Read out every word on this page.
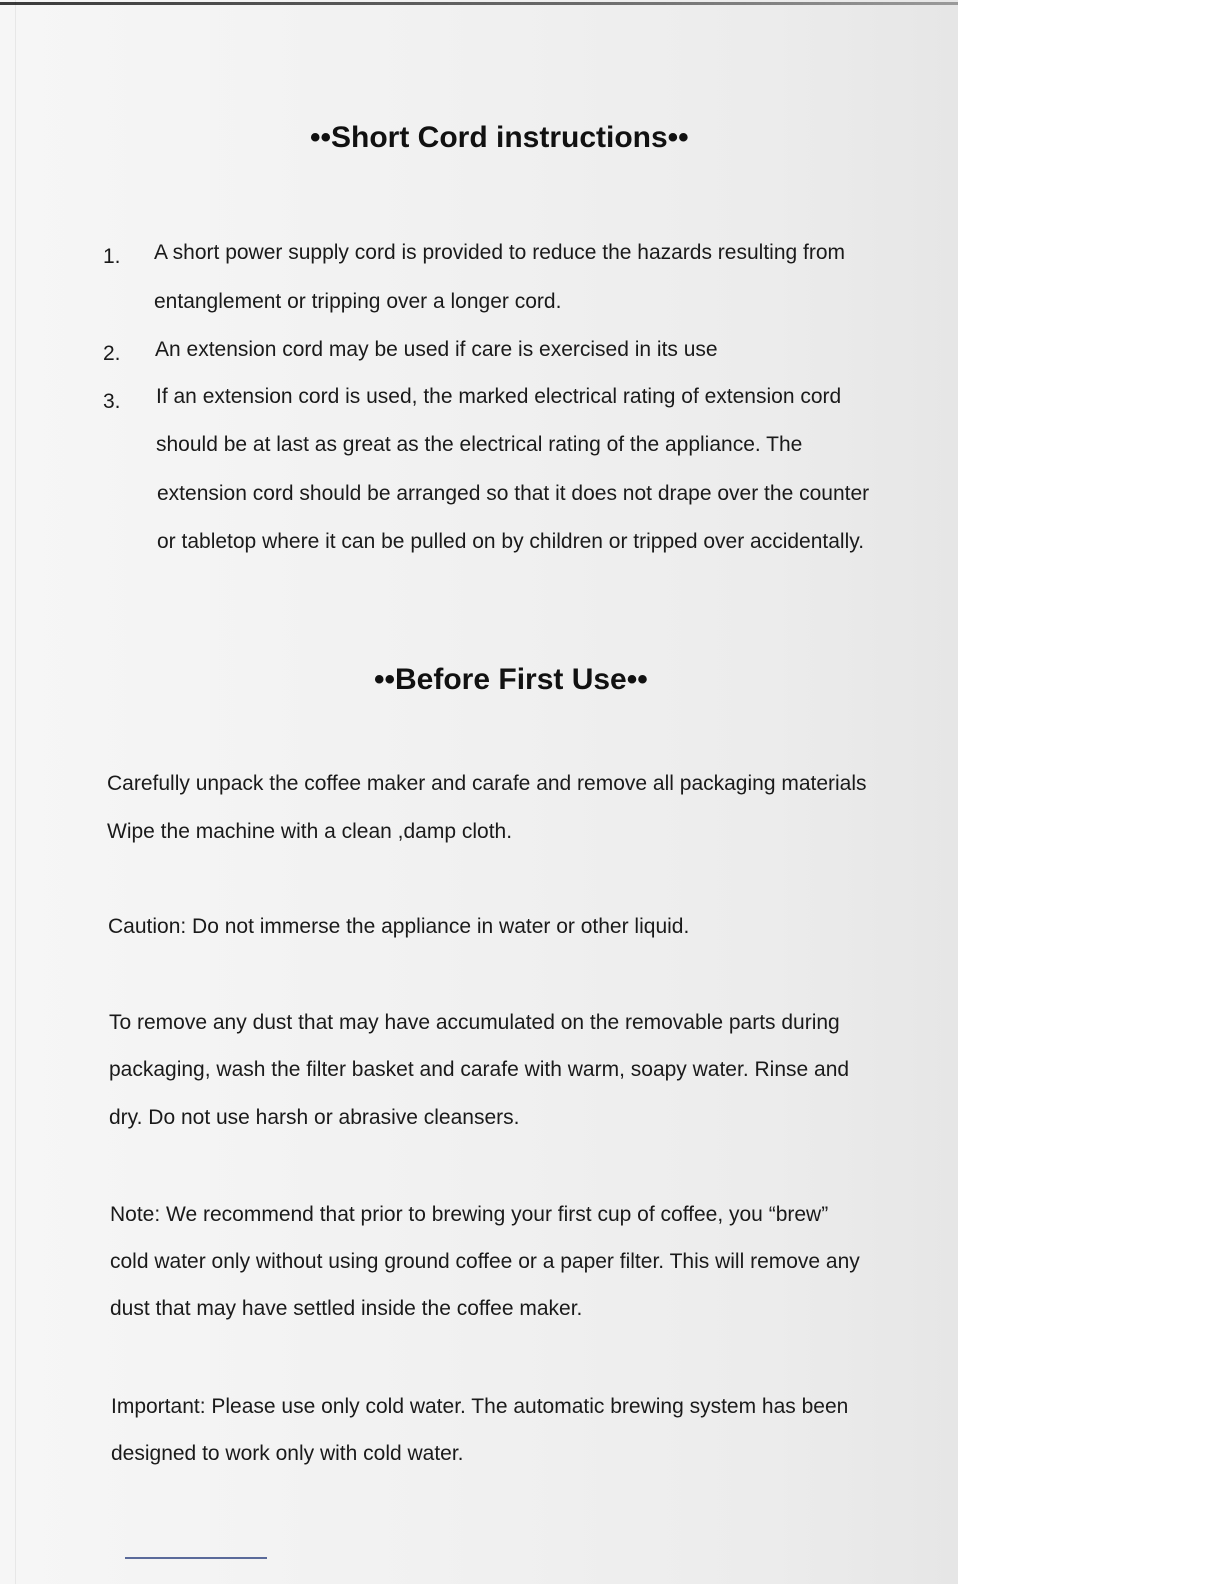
••Short Cord instructions••
1. A short power supply cord is provided to reduce the hazards resulting from
entanglement or tripping over a longer cord.
2. An extension cord may be used if care is exercised in its use
3. If an extension cord is used, the marked electrical rating of extension cord
should be at last as great as the electrical rating of the appliance. The
extension cord should be arranged so that it does not drape over the counter
or tabletop where it can be pulled on by children or tripped over accidentally.
••Before First Use••
Carefully unpack the coffee maker and carafe and remove all packaging materials
Wipe the machine with a clean ,damp cloth.
Caution: Do not immerse the appliance in water or other liquid.
To remove any dust that may have accumulated on the removable parts during
packaging, wash the filter basket and carafe with warm, soapy water. Rinse and
dry. Do not use harsh or abrasive cleansers.
Note: We recommend that prior to brewing your first cup of coffee, you “brew”
cold water only without using ground coffee or a paper filter. This will remove any
dust that may have settled inside the coffee maker.
Important: Please use only cold water. The automatic brewing system has been
designed to work only with cold water.
